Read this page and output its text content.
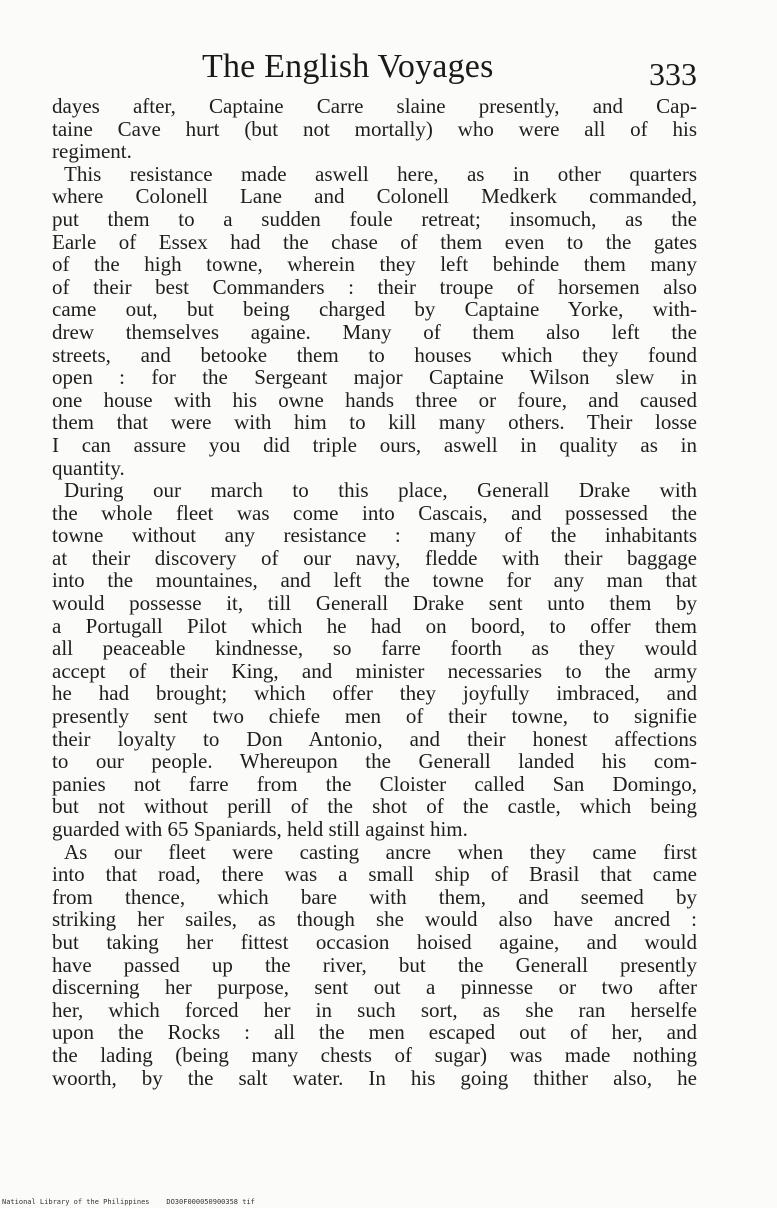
The English Voyages	333
dayes after, Captaine Carre slaine presently, and Cap-
taine Cave hurt (but not mortally) who were all of his
regiment.
This resistance made aswell here, as in other quarters
where Colonell Lane and Colonell Medkerk commanded,
put them to a sudden foule retreat; insomuch, as the
Earle of Essex had the chase of them even to the gates
of the high towne, wherein they left behinde them many
of their best Commanders : their troupe of horsemen also
came out, but being charged by Captaine Yorke, with-
drew themselves againe. Many of them also left the
streets, and betooke them to houses which they found
open : for the Sergeant major Captaine Wilson slew in
one house with his owne hands three or foure, and caused
them that were with him to kill many others. Their losse
I can assure you did triple ours, aswell in quality as in
quantity.
During our march to this place, Generall Drake with
the whole fleet was come into Cascais, and possessed the
towne without any resistance : many of the inhabitants
at their discovery of our navy, fledde with their baggage
into the mountaines, and left the towne for any man that
would possesse it, till Generall Drake sent unto them by
a Portugall Pilot which he had on boord, to offer them
all peaceable kindnesse, so farre foorth as they would
accept of their King, and minister necessaries to the army
he had brought; which offer they joyfully imbraced, and
presently sent two chiefe men of their towne, to signifie
their loyalty to Don Antonio, and their honest affections
to our people. Whereupon the Generall landed his com-
panies not farre from the Cloister called San Domingo,
but not without perill of the shot of the castle, which being
guarded with 65 Spaniards, held still against him.
As our fleet were casting ancre when they came first
into that road, there was a small ship of Brasil that came
from thence, which bare with them, and seemed by
striking her sailes, as though she would also have ancred :
but taking her fittest occasion hoised againe, and would
have passed up the river, but the Generall presently
discerning her purpose, sent out a pinnesse or two after
her, which forced her in such sort, as she ran herselfe
upon the Rocks : all the men escaped out of her, and
the lading (being many chests of sugar) was made nothing
woorth, by the salt water. In his going thither also, he
National Library of the Philippines DO30F000050900358 tif
